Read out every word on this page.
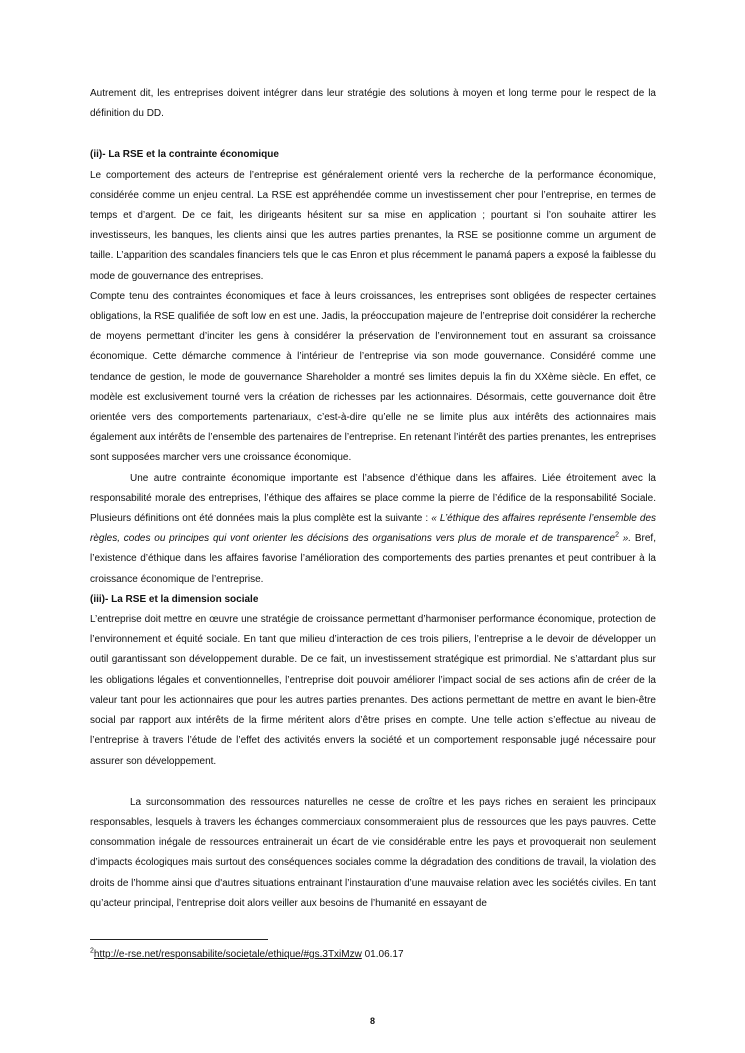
Autrement dit, les entreprises doivent intégrer dans leur stratégie des solutions à moyen et long terme pour le respect de la définition du DD.

(ii)- La RSE et la contrainte économique

Le comportement des acteurs de l’entreprise est généralement orienté vers la recherche de la performance économique, considérée comme un enjeu central. La RSE est appréhendée comme un investissement cher pour l’entreprise, en termes de temps et d’argent. De ce fait, les dirigeants hésitent sur sa mise en application ; pourtant si l’on souhaite attirer les investisseurs, les banques, les clients ainsi que les autres parties prenantes, la RSE se positionne comme un argument de taille. L’apparition des scandales financiers tels que le cas Enron et plus récemment le panamá papers a exposé la faiblesse du mode de gouvernance des entreprises.

Compte tenu des contraintes économiques et face à leurs croissances, les entreprises sont obligées de respecter certaines obligations, la RSE qualifiée de soft low en est une. Jadis, la préoccupation majeure de l’entreprise doit considérer la recherche de moyens permettant d’inciter les gens à considérer la préservation de l’environnement tout en assurant sa croissance économique. Cette démarche commence à l’intérieur de l’entreprise via son mode gouvernance. Considéré comme une tendance de gestion, le mode de gouvernance Shareholder a montré ses limites depuis la fin du XXème siècle. En effet, ce modèle est exclusivement tourné vers la création de richesses par les actionnaires. Désormais, cette gouvernance doit être orientée vers des comportements partenariaux, c’est-à-dire qu’elle ne se limite plus aux intérêts des actionnaires mais également aux intérêts de l’ensemble des partenaires de l’entreprise. En retenant l’intérêt des parties prenantes, les entreprises sont supposées marcher vers une croissance économique.

Une autre contrainte économique importante est l’absence d’éthique dans les affaires. Liée étroitement avec la responsabilité morale des entreprises, l’éthique des affaires se place comme la pierre de l’édifice de la responsabilité Sociale. Plusieurs définitions ont été données mais la plus complète est la suivante : « L’éthique des affaires représente l’ensemble des règles, codes ou principes qui vont orienter les décisions des organisations vers plus de morale et de transparence$^2$ ». Bref, l’existence d’éthique dans les affaires favorise l’amélioration des comportements des parties prenantes et peut contribuer à la croissance économique de l’entreprise.

(iii)- La RSE et la dimension sociale

L’entreprise doit mettre en œuvre une stratégie de croissance permettant d’harmoniser performance économique, protection de l’environnement et équité sociale. En tant que milieu d’interaction de ces trois piliers, l’entreprise a le devoir de développer un outil garantissant son développement durable. De ce fait, un investissement stratégique est primordial. Ne s’attardant plus sur les obligations légales et conventionnelles, l’entreprise doit pouvoir améliorer l’impact social de ses actions afin de créer de la valeur tant pour les actionnaires que pour les autres parties prenantes. Des actions permettant de mettre en avant le bien-être social par rapport aux intérêts de la firme méritent alors d’être prises en compte. Une telle action s’effectue au niveau de l’entreprise à travers l’étude de l’effet des activités envers la société et un comportement responsable jugé nécessaire pour assurer son développement.

La surconsommation des ressources naturelles ne cesse de croître et les pays riches en seraient les principaux responsables, lesquels à travers les échanges commerciaux consommeraient plus de ressources que les pays pauvres. Cette consommation inégale de ressources entrainerait un écart de vie considérable entre les pays et provoquerait non seulement d’impacts écologiques mais surtout des conséquences sociales comme la dégradation des conditions de travail, la violation des droits de l’homme ainsi que d'autres situations entrainant l’instauration d’une mauvaise relation avec les sociétés civiles. En tant qu’acteur principal, l’entreprise doit alors veiller aux besoins de l’humanité en essayant de

$^2$http://e-rse.net/responsabilite/societale/ethique/#gs.3TxiMzw 01.06.17
8
